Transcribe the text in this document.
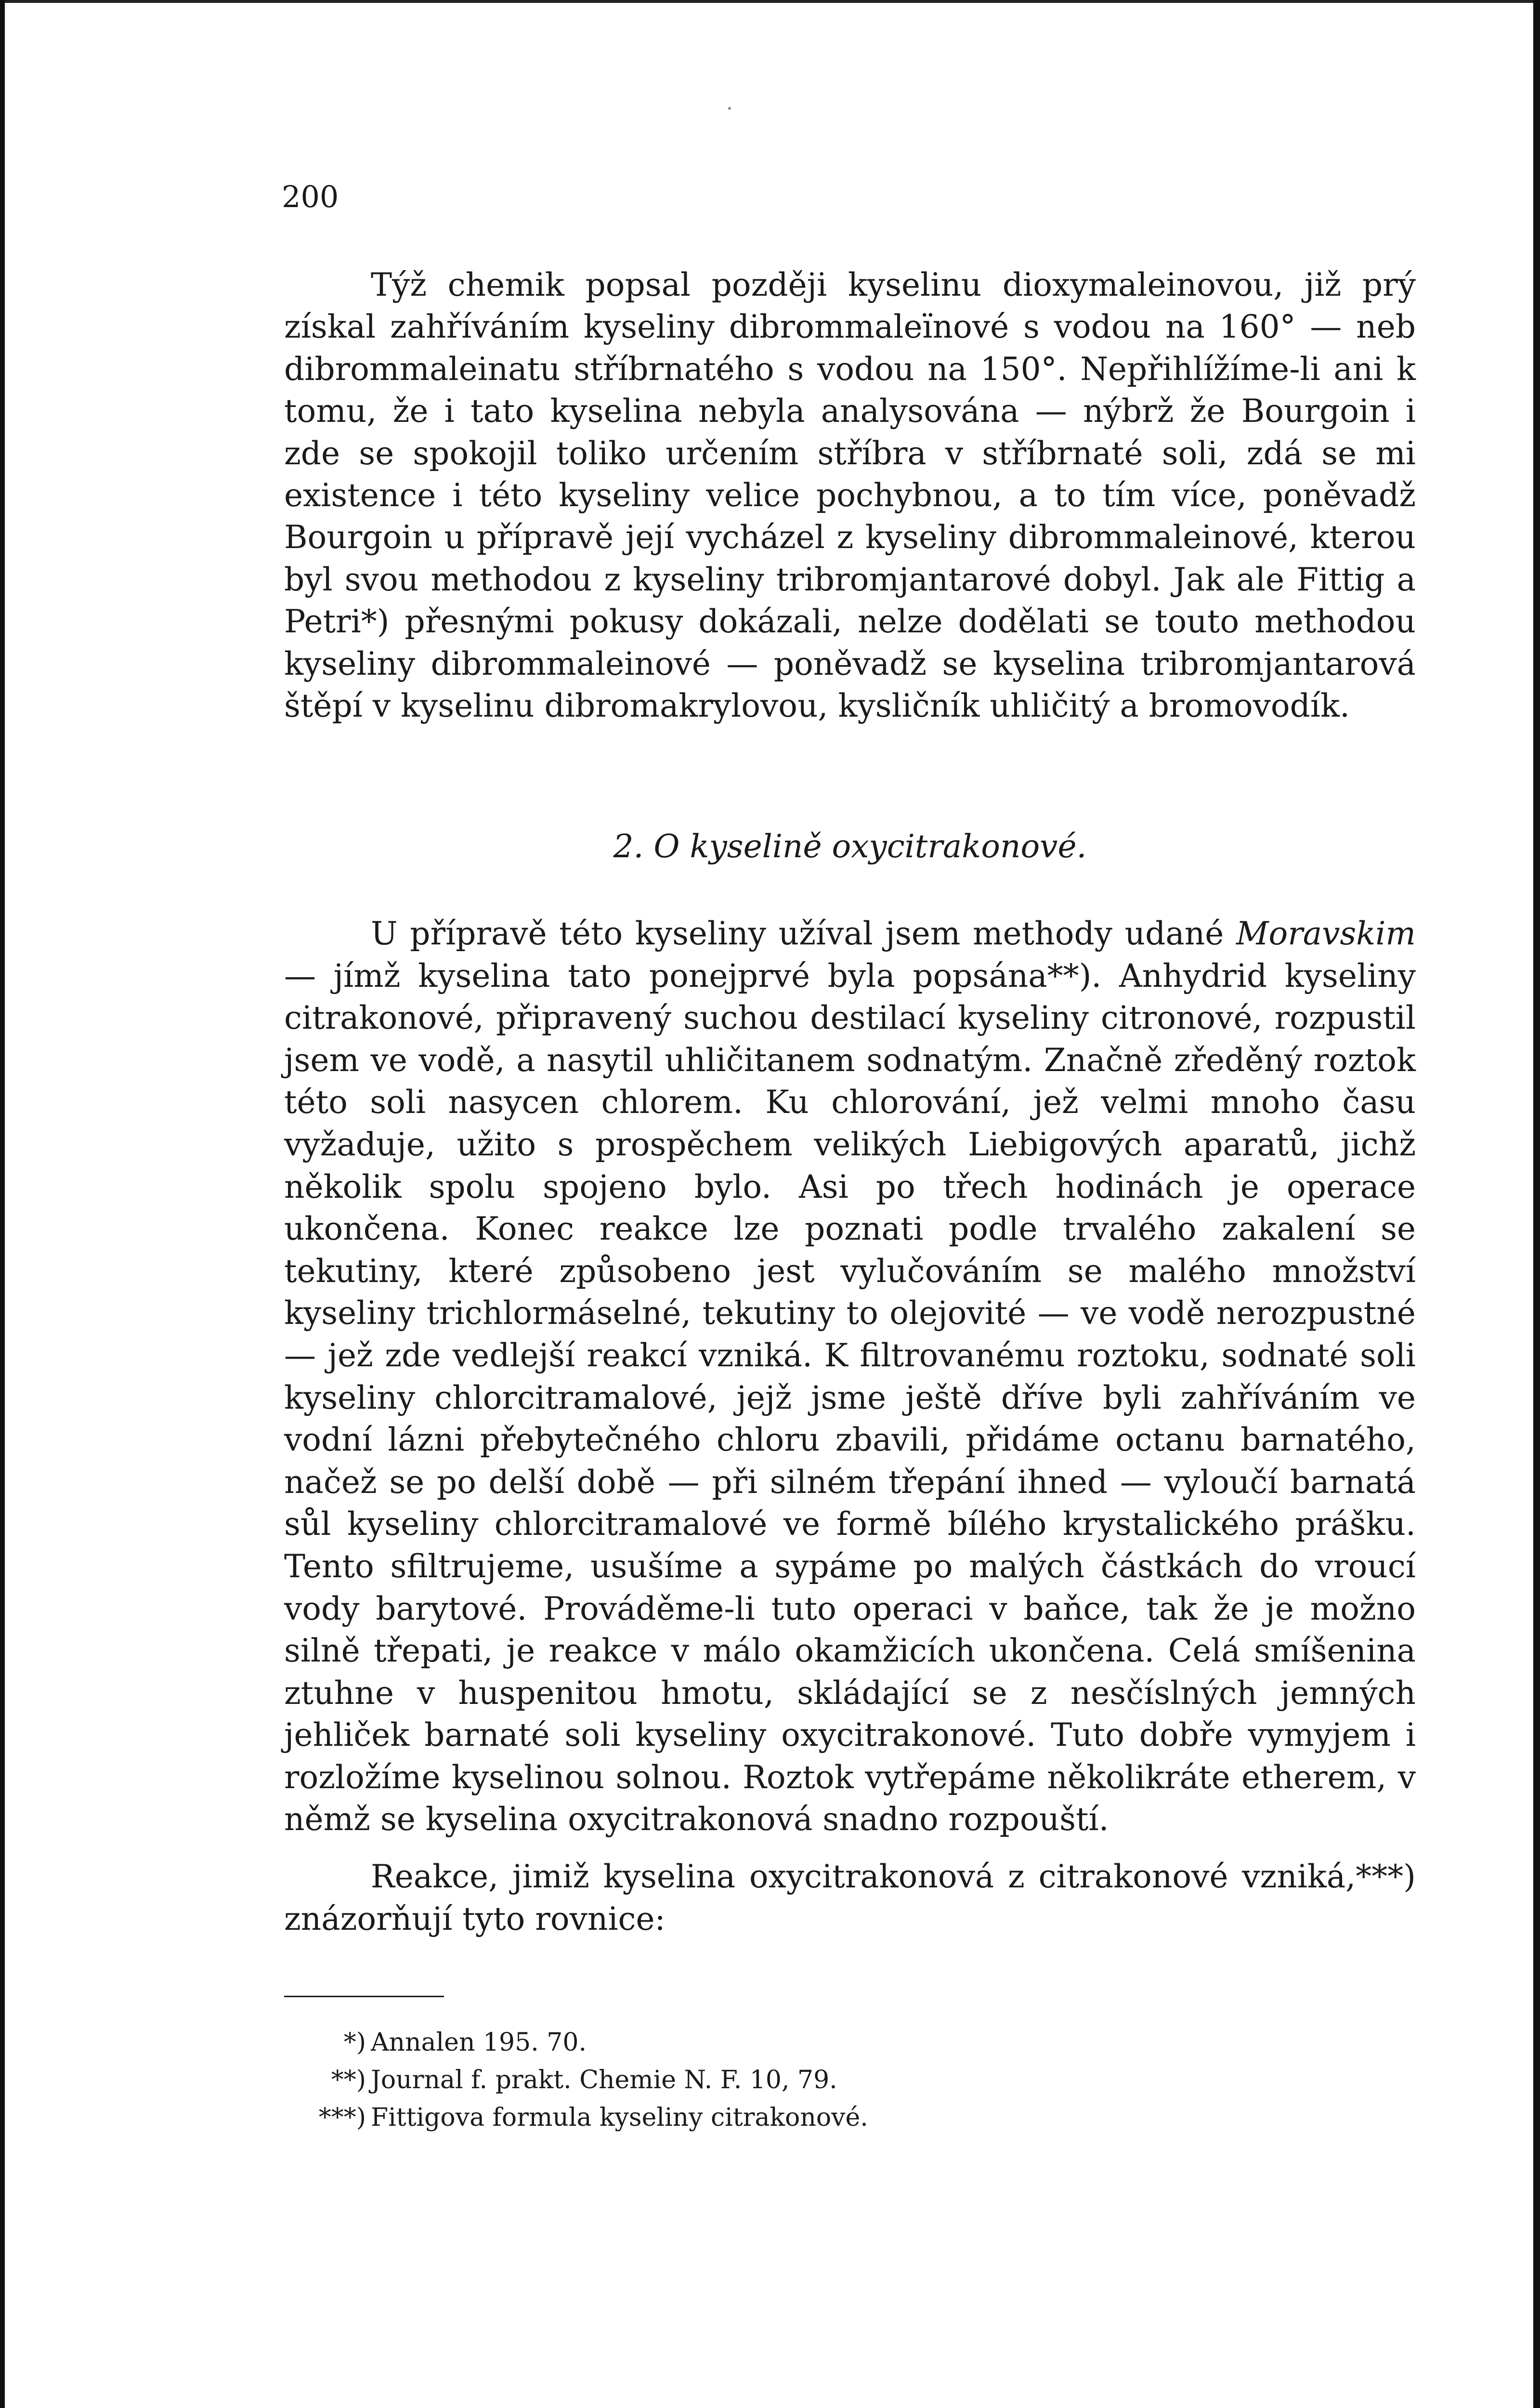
200

Týž chemik popsal později kyselinu dioxymaleinovou, již prý získal zahříváním kyseliny dibrommaleïnové s vodou na 160° — neb dibrommaleinatu stříbrnatého s vodou na 150°. Nepřihlížíme-li ani k tomu, že i tato kyselina nebyla analysována — nýbrž že Bourgoin i zde se spokojil toliko určením stříbra v stříbrnaté soli, zdá se mi existence i této kyseliny velice pochybnou, a to tím více, poněvadž Bourgoin u přípravě její vycházel z kyseliny dibrommaleinové, kterou byl svou methodou z kyseliny tribromjantarové dobyl. Jak ale Fittig a Petri*) přesnými pokusy dokázali, nelze dodělati se touto methodou kyseliny dibrommaleinové — poněvadž se kyselina tribromjantarová štěpí v kyselinu dibromakrylovou, kysličník uhličitý a bromovodík.

2. O kyselině oxycitrakonové.

U přípravě této kyseliny užíval jsem methody udané Moravskim — jímž kyselina tato ponejprvé byla popsána**). Anhydrid kyseliny citrakonové, připravený suchou destilací kyseliny citronové, rozpustil jsem ve vodě, a nasytil uhličitanem sodnatým. Značně zředěný roztok této soli nasycen chlorem. Ku chlorování, jež velmi mnoho času vyžaduje, užito s prospěchem velikých Liebigových aparatů, jichž několik spolu spojeno bylo. Asi po třech hodinách je operace ukončena. Konec reakce lze poznati podle trvalého zakalení se tekutiny, které způsobeno jest vylučováním se malého množství kyseliny trichlormáselné, tekutiny to olejovité — ve vodě nerozpustné — jež zde vedlejší reakcí vzniká. K filtrovanému roztoku, sodnaté soli kyseliny chlorcitramalové, jejž jsme ještě dříve byli zahříváním ve vodní lázni přebytečného chloru zbavili, přidáme octanu barnatého, načež se po delší době — při silném třepání ihned — vyloučí barnatá sůl kyseliny chlorcitramalové ve formě bílého krystalického prášku. Tento sfiltrujeme, usušíme a sypáme po malých částkách do vroucí vody barytové. Prováděme-li tuto operaci v baňce, tak že je možno silně třepati, je reakce v málo okamžicích ukončena. Celá smíšenina ztuhne v huspenitou hmotu, skládající se z nesčíslných jemných jehliček barnaté soli kyseliny oxycitrakonové. Tuto dobře vymyjem i rozložíme kyselinou solnou. Roztok vytřepáme několikráte etherem, v němž se kyselina oxycitrakonová snadno rozpouští.

Reakce, jimiž kyselina oxycitrakonová z citrakonové vzniká,***) znázorňují tyto rovnice:

*) Annalen 195. 70.
**) Journal f. prakt. Chemie N. F. 10, 79.
***) Fittigova formula kyseliny citrakonové.
